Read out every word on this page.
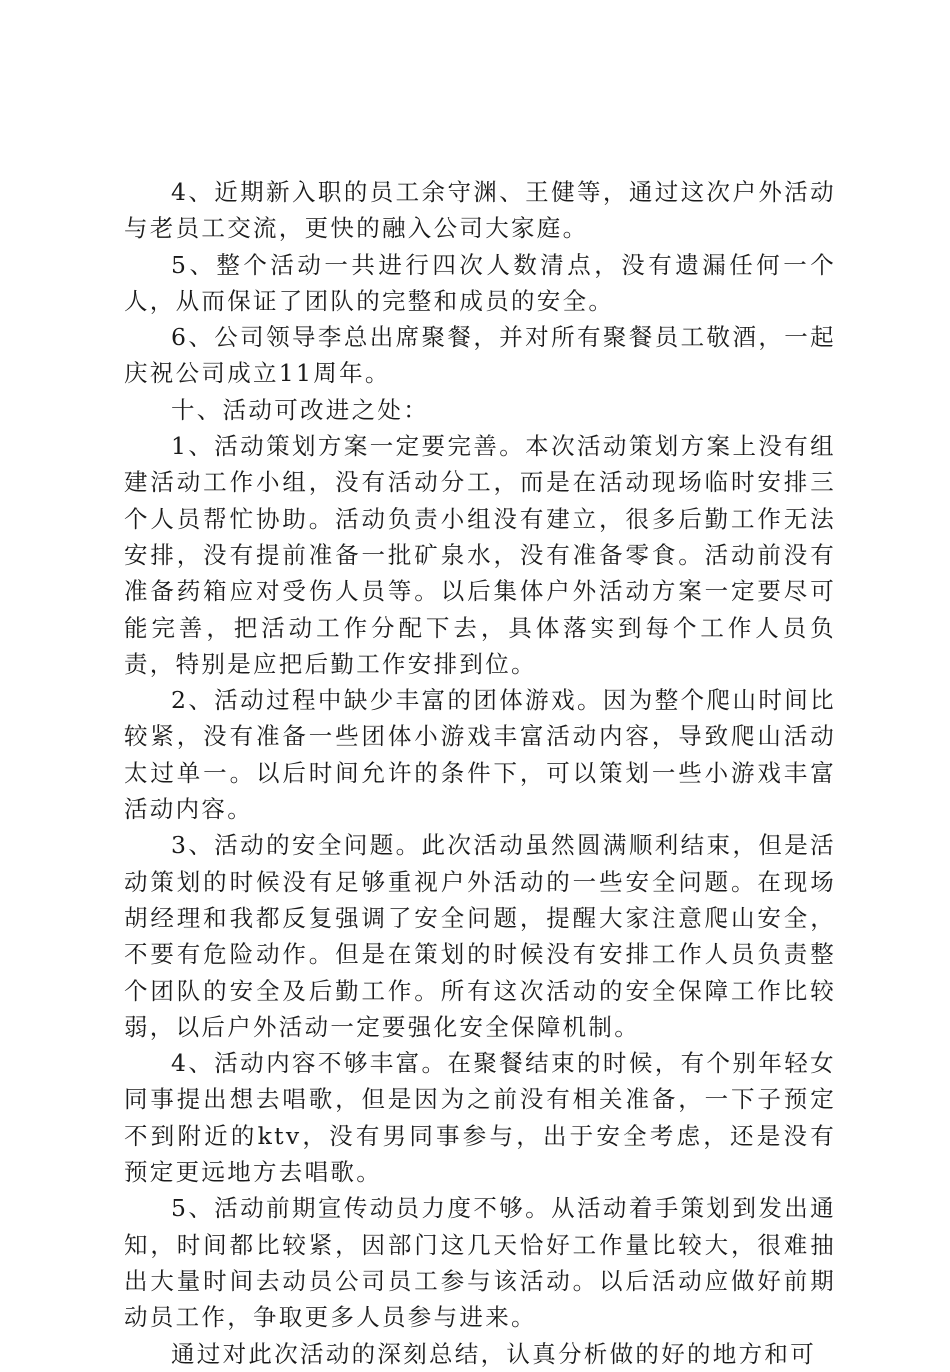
4、近期新入职的员工余守渊、王健等，通过这次户外活动与老员工交流，更快的融入公司大家庭。

5、整个活动一共进行四次人数清点，没有遗漏任何一个人，从而保证了团队的完整和成员的安全。

6、公司领导李总出席聚餐，并对所有聚餐员工敬酒，一起庆祝公司成立11周年。

十、活动可改进之处：

1、活动策划方案一定要完善。本次活动策划方案上没有组建活动工作小组，没有活动分工，而是在活动现场临时安排三个人员帮忙协助。活动负责小组没有建立，很多后勤工作无法安排，没有提前准备一批矿泉水，没有准备零食。活动前没有准备药箱应对受伤人员等。以后集体户外活动方案一定要尽可能完善，把活动工作分配下去，具体落实到每个工作人员负责，特别是应把后勤工作安排到位。

2、活动过程中缺少丰富的团体游戏。因为整个爬山时间比较紧，没有准备一些团体小游戏丰富活动内容，导致爬山活动太过单一。以后时间允许的条件下，可以策划一些小游戏丰富活动内容。

3、活动的安全问题。此次活动虽然圆满顺利结束，但是活动策划的时候没有足够重视户外活动的一些安全问题。在现场胡经理和我都反复强调了安全问题，提醒大家注意爬山安全，不要有危险动作。但是在策划的时候没有安排工作人员负责整个团队的安全及后勤工作。所有这次活动的安全保障工作比较弱，以后户外活动一定要强化安全保障机制。

4、活动内容不够丰富。在聚餐结束的时候，有个别年轻女同事提出想去唱歌，但是因为之前没有相关准备，一下子预定不到附近的ktv，没有男同事参与，出于安全考虑，还是没有预定更远地方去唱歌。

5、活动前期宣传动员力度不够。从活动着手策划到发出通知，时间都比较紧，因部门这几天恰好工作量比较大，很难抽出大量时间去动员公司员工参与该活动。以后活动应做好前期动员工作，争取更多人员参与进来。

通过对此次活动的深刻总结，认真分析做的好的地方和可
